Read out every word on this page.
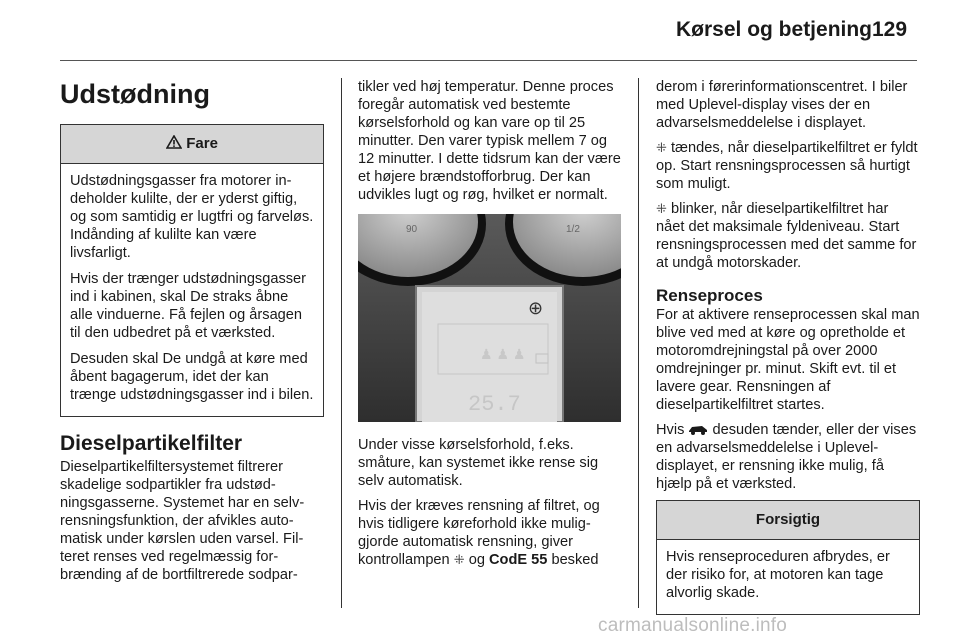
Kørsel og betjening 129
Udstødning
Fare

Udstødningsgasser fra motorer indeholder kulilte, der er yderst giftig, og som samtidig er lugtfri og farveløs. Indånding af kulilte kan være livsfarligt.

Hvis der trænger udstødningsgasser ind i kabinen, skal De straks åbne alle vinduerne. Få fejlen og årsagen til den udbedret på et værksted.

Desuden skal De undgå at køre med åbent bagagerum, idet der kan trænge udstødningsgasser ind i bilen.

Dieselpartikelfilter

Dieselpartikelfiltersystemet filtrerer skadelige sodpartikler fra udstødningsgasserne. Systemet har en selvrensningsfunktion, der afvikles automatisk under kørslen uden varsel. Filteret renses ved regelmæssig forbrænding af de bortfiltrerede sodpar-

tikler ved høj temperatur. Denne proces foregår automatisk ved bestemte kørselsforhold og kan vare op til 25 minutter. Den varer typisk mellem 7 og 12 minutter. I dette tidsrum kan der være et højere brændstofforbrug. Der kan udvikles lugt og røg, hvilket er normalt.

90	1/2
⊕
♟ ♟ ♟
25.7

Under visse kørselsforhold, f.eks. småture, kan systemet ikke rense sig selv automatisk.

Hvis der kræves rensning af filtret, og hvis tidligere køreforhold ikke muliggjorde automatisk rensning, giver kontrollampen ⁜ og CodE 55 besked

derom i førerinformationscentret. I biler med Uplevel-display vises der en advarselsmeddelelse i displayet.

⁜ tændes, når dieselpartikelfiltret er fyldt op. Start rensningsprocessen så hurtigt som muligt.

⁜ blinker, når dieselpartikelfiltret har nået det maksimale fyldeniveau. Start rensningsprocessen med det samme for at undgå motorskader.

Renseproces

For at aktivere renseprocessen skal man blive ved med at køre og opretholde et motoromdrejningstal på over 2000 omdrejninger pr. minut. Skift evt. til et lavere gear. Rensningen af dieselpartikelfiltret startes.

Hvis desuden tænder, eller der vises en advarselsmeddelelse i Uplevel-displayet, er rensning ikke mulig, få hjælp på et værksted.

Forsigtig

Hvis renseproceduren afbrydes, er der risiko for, at motoren kan tage alvorlig skade.

carmanualsonline.info
